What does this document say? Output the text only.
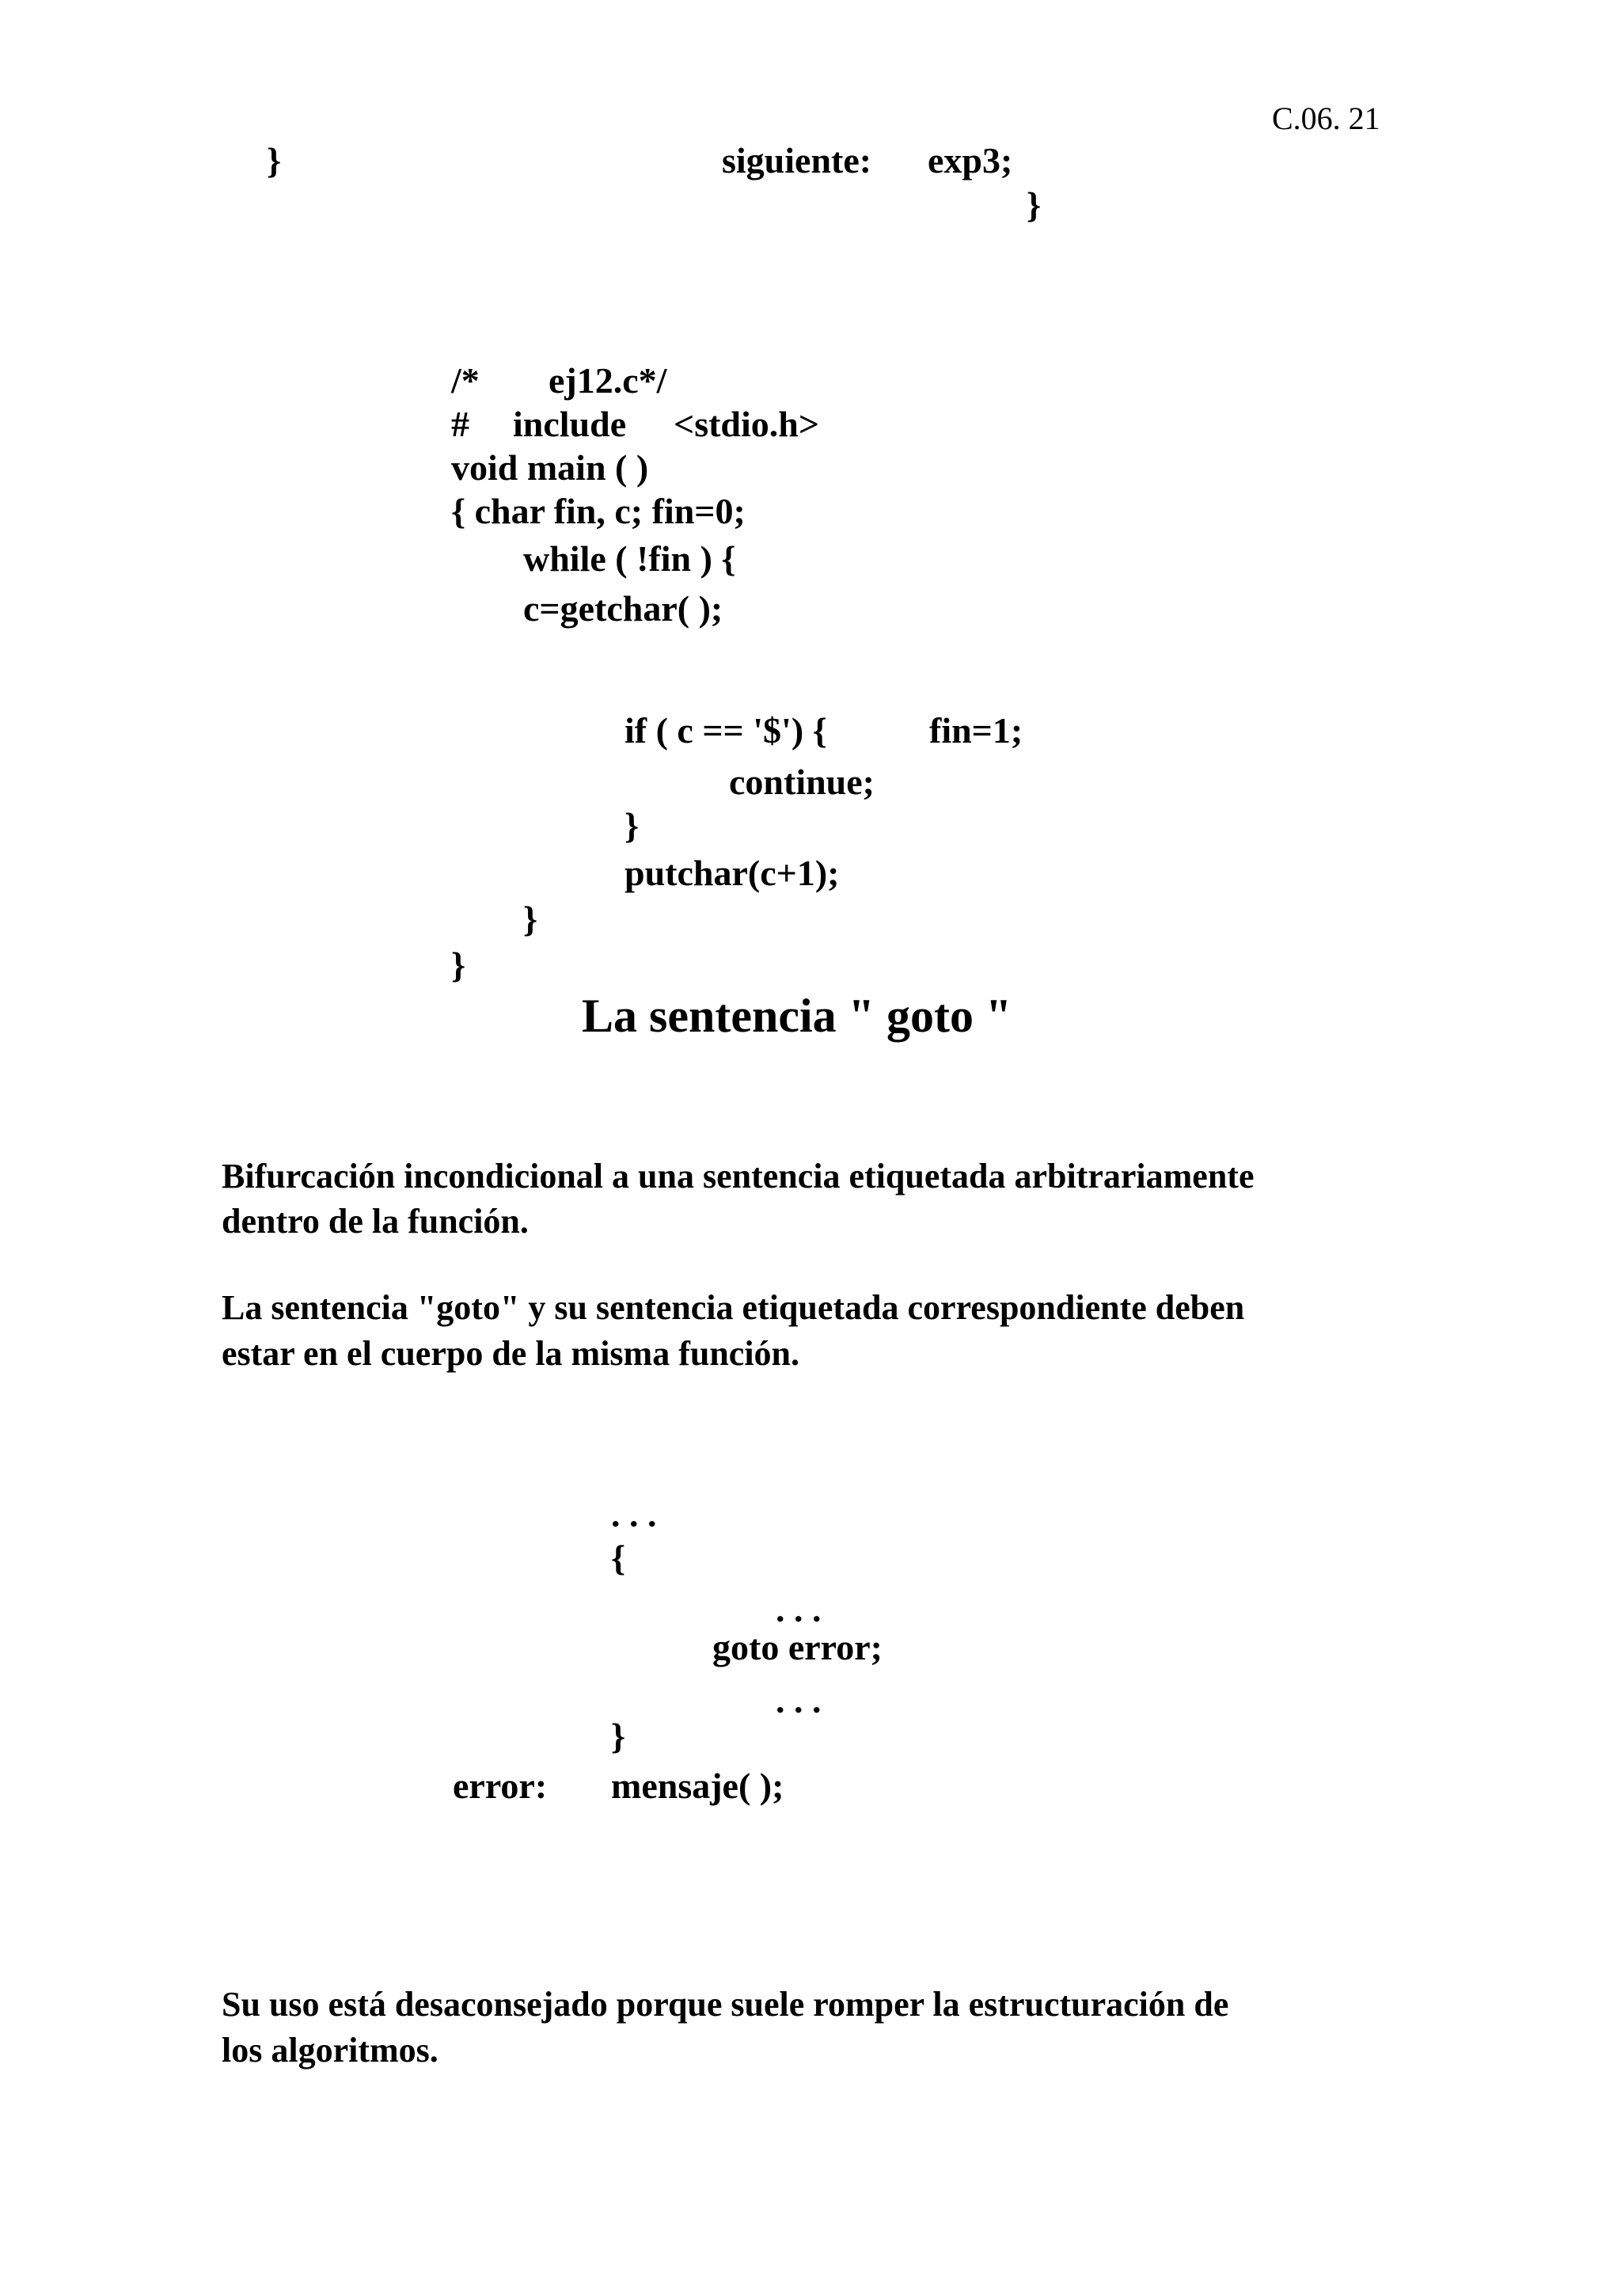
C.06. 21
}	siguiente: exp3;
}
/* ej12.c*/
# include <stdio.h>
void main ( )
{ char fin, c; fin=0;
while ( !fin ) {
c=getchar( );
if ( c == '$') {	fin=1;
continue;
}
putchar(c+1);
}
}
La sentencia " goto "
Bifurcación incondicional a una sentencia etiquetada arbitrariamente
dentro de la función.
La sentencia "goto" y su sentencia etiquetada correspondiente deben
estar en el cuerpo de la misma función.
. . .
{
. . .
goto error;
. . .
}
error: mensaje( );
Su uso está desaconsejado porque suele romper la estructuración de
los algoritmos.
